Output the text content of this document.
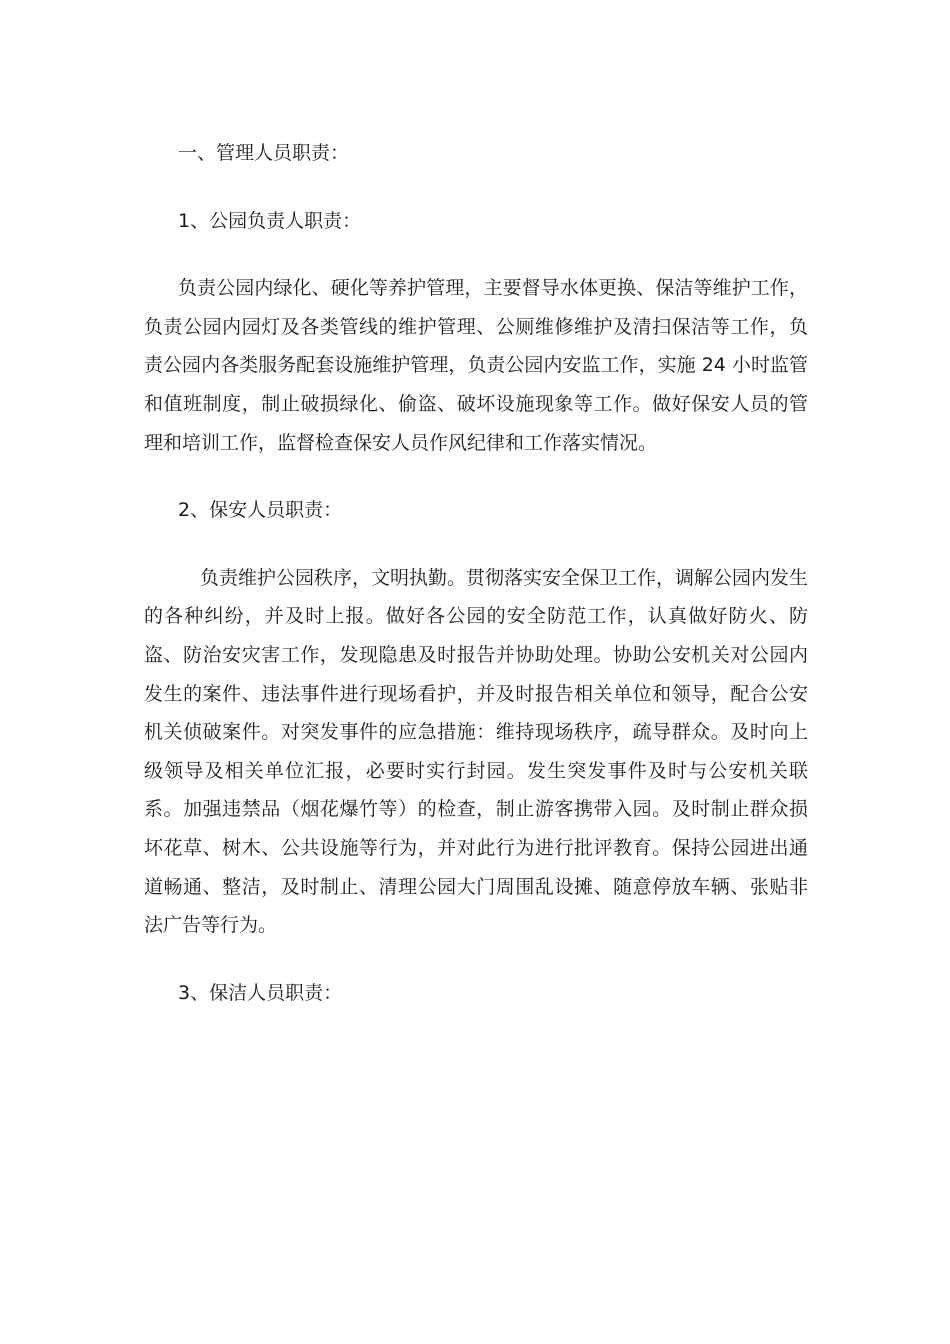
一、管理人员职责：

1、公园负责人职责：

负责公园内绿化、硬化等养护管理，主要督导水体更换、保洁等维护工作，负责公园内园灯及各类管线的维护管理、公厕维修维护及清扫保洁等工作，负责公园内各类服务配套设施维护管理，负责公园内安监工作，实施 24 小时监管和值班制度，制止破损绿化、偷盗、破坏设施现象等工作。做好保安人员的管理和培训工作，监督检查保安人员作风纪律和工作落实情况。

2、保安人员职责：

负责维护公园秩序，文明执勤。贯彻落实安全保卫工作，调解公园内发生的各种纠纷，并及时上报。做好各公园的安全防范工作，认真做好防火、防盗、防治安灾害工作，发现隐患及时报告并协助处理。协助公安机关对公园内发生的案件、违法事件进行现场看护，并及时报告相关单位和领导，配合公安机关侦破案件。对突发事件的应急措施：维持现场秩序，疏导群众。及时向上级领导及相关单位汇报，必要时实行封园。发生突发事件及时与公安机关联系。加强违禁品（烟花爆竹等）的检查，制止游客携带入园。及时制止群众损坏花草、树木、公共设施等行为，并对此行为进行批评教育。保持公园进出通道畅通、整洁，及时制止、清理公园大门周围乱设摊、随意停放车辆、张贴非法广告等行为。

3、保洁人员职责：
